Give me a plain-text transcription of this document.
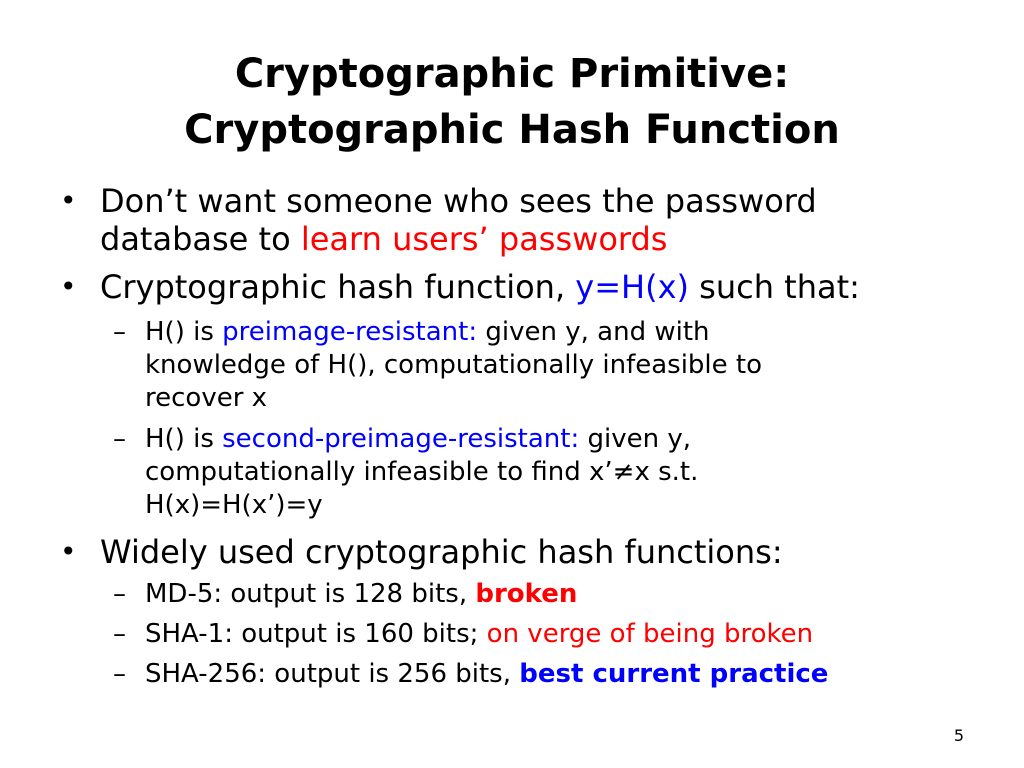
Cryptographic Primitive:
Cryptographic Hash Function
• Don’t want someone who sees the password
database to learn users’ passwords
• Cryptographic hash function, y=H(x) such that:
– H() is preimage-resistant: given y, and with
knowledge of H(), computationally infeasible to
recover x
– H() is second-preimage-resistant: given y,
computationally infeasible to find x’≠x s.t.
H(x)=H(x’)=y
• Widely used cryptographic hash functions:
– MD-5: output is 128 bits, broken
– SHA-1: output is 160 bits; on verge of being broken
– SHA-256: output is 256 bits, best current practice
5
